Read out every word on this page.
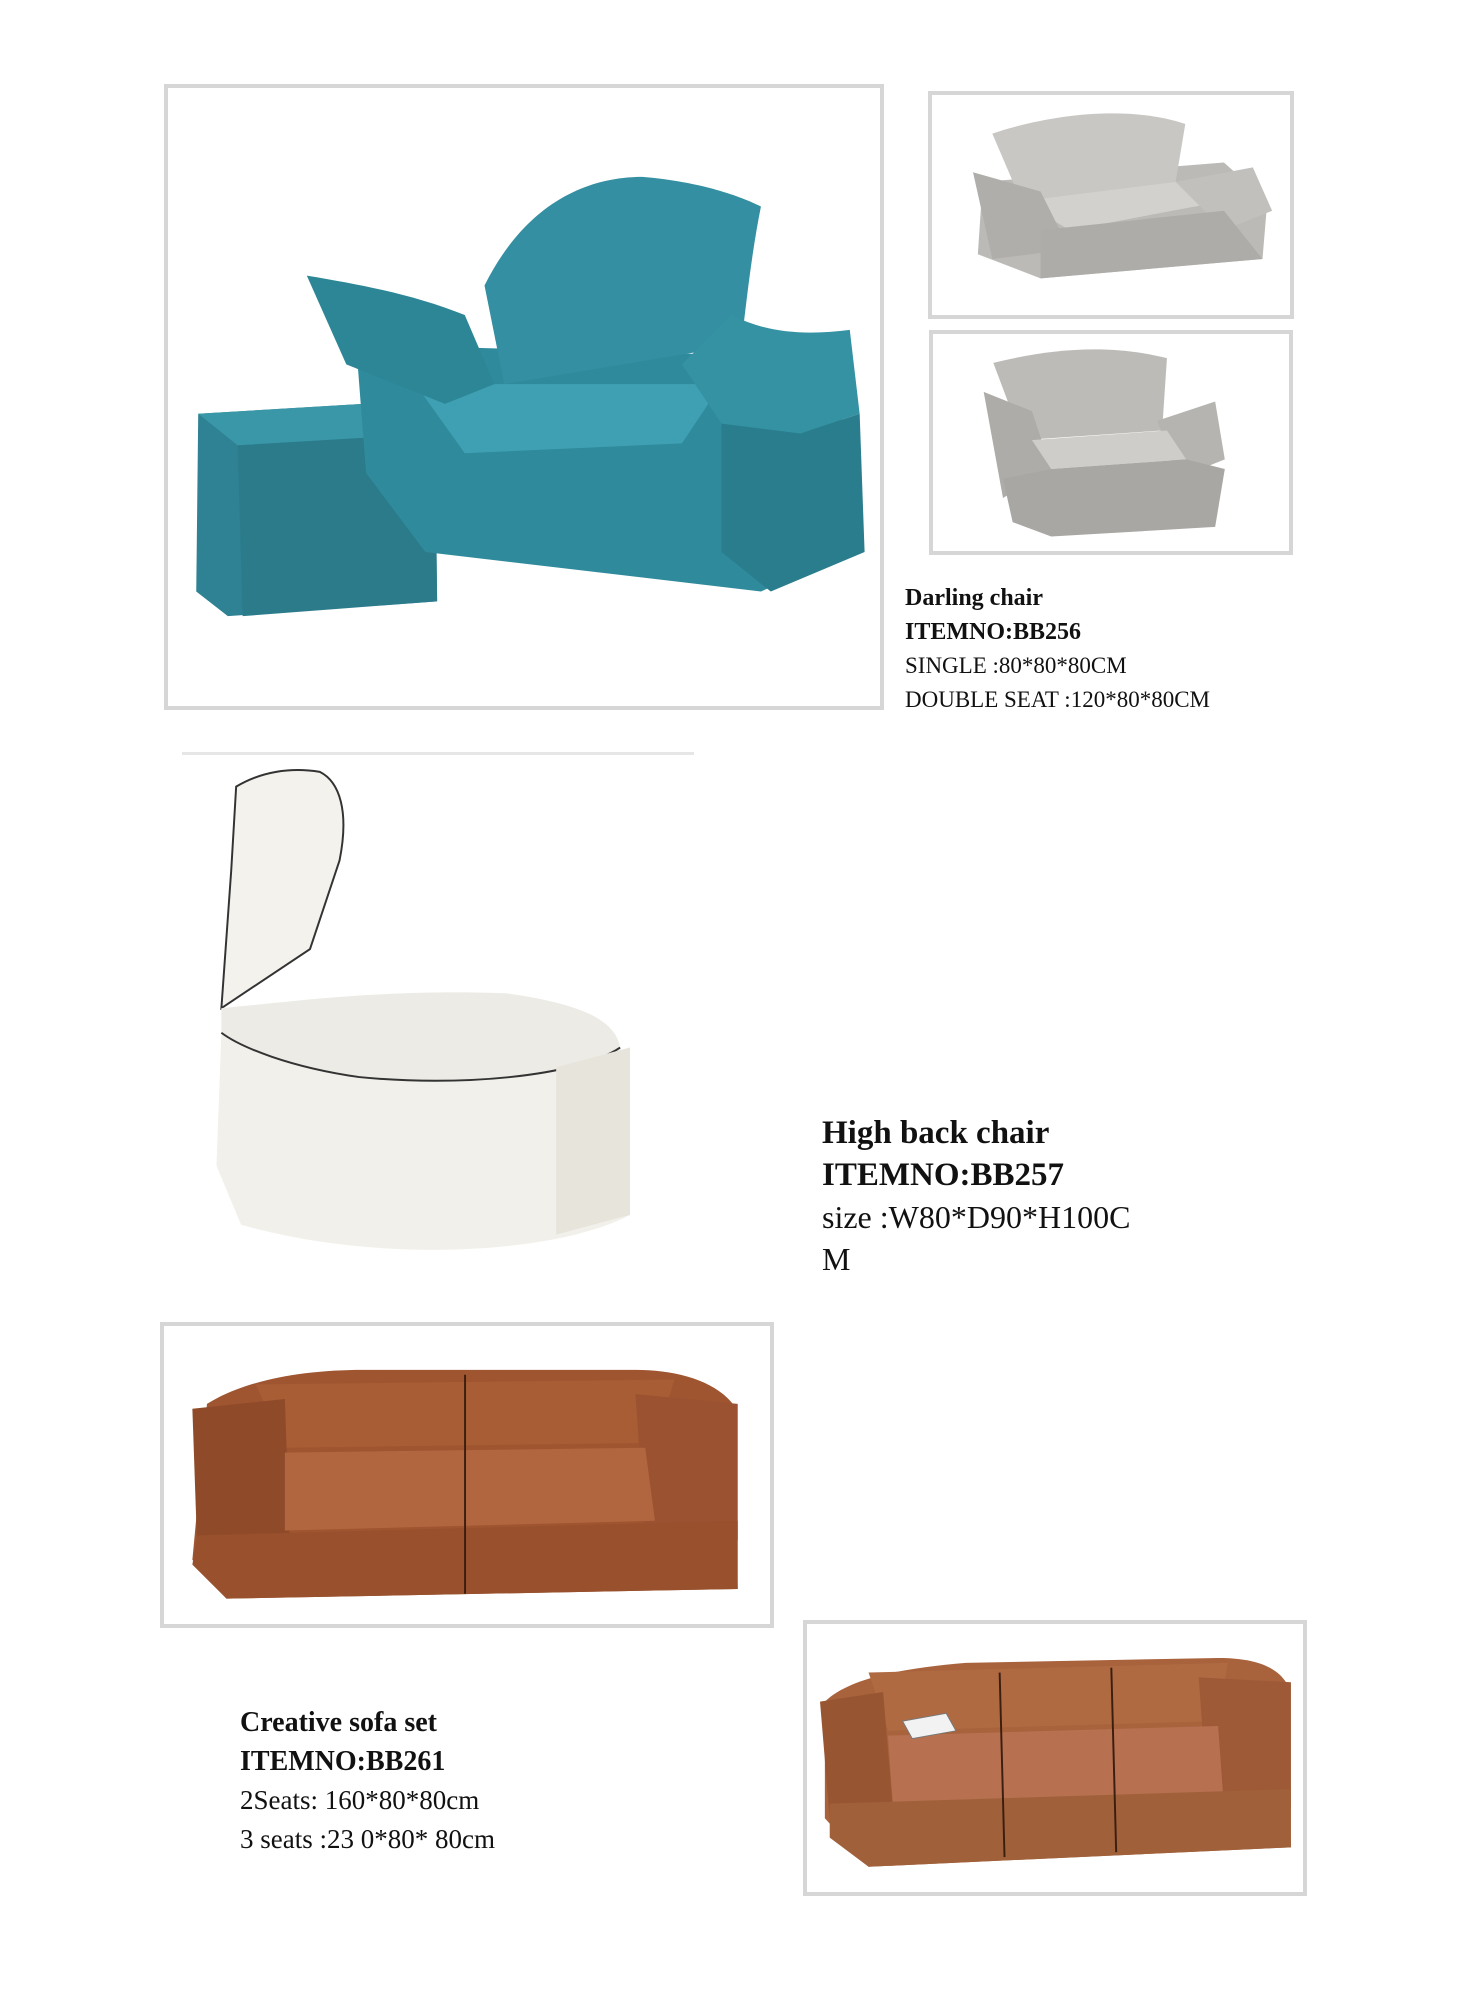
Darling chair
ITEMNO:BB256
SINGLE :80*80*80CM
DOUBLE SEAT :120*80*80CM
High back chair
ITEMNO:BB257
size :W80*D90*H100C
M
Creative sofa set
ITEMNO:BB261
2Seats: 160*80*80cm
3 seats :23 0*80* 80cm
